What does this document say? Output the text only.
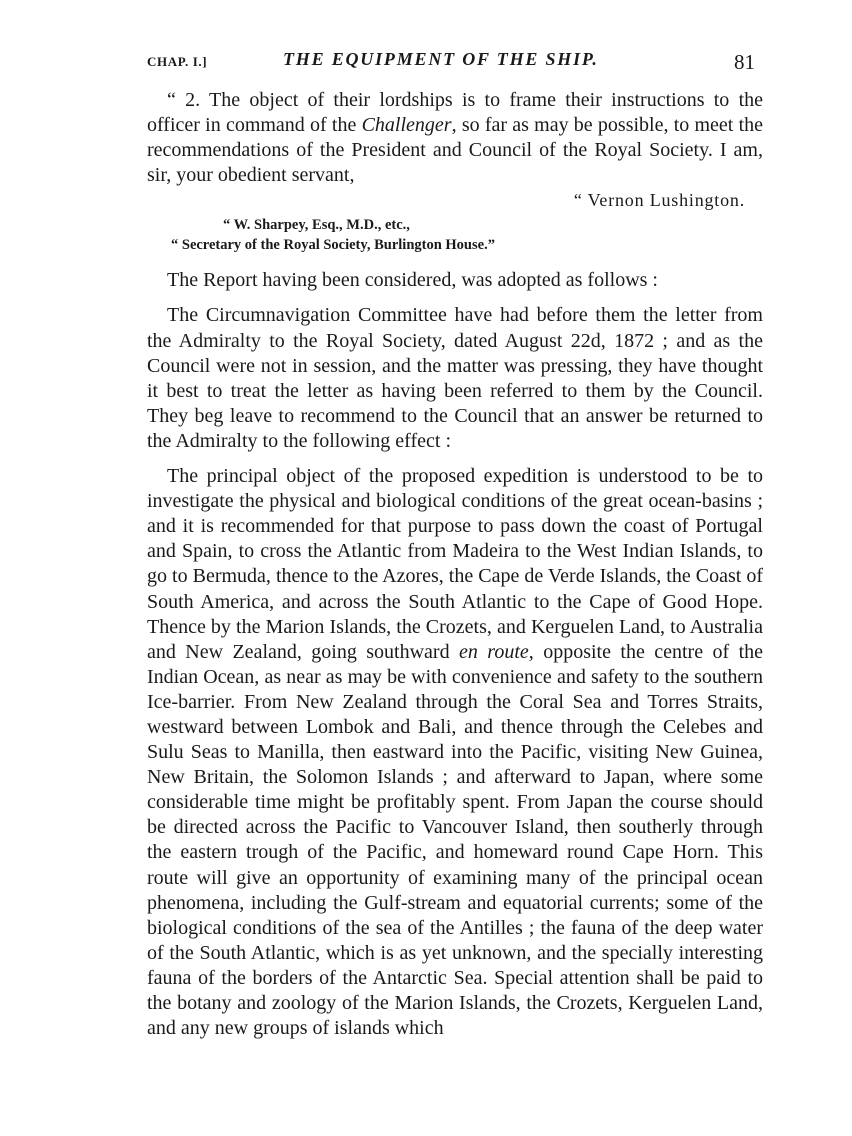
CHAP. I.]	THE EQUIPMENT OF THE SHIP.	81

“ 2. The object of their lordships is to frame their instructions to the officer in command of the Challenger, so far as may be possible, to meet the recommendations of the President and Council of the Royal Society. I am, sir, your obedient servant,

“ Vernon Lushington.
“ W. Sharpey, Esq., M.D., etc.,
“ Secretary of the Royal Society, Burlington House.”

The Report having been considered, was adopted as follows :

The Circumnavigation Committee have had before them the letter from the Admiralty to the Royal Society, dated August 22d, 1872 ; and as the Council were not in session, and the matter was pressing, they have thought it best to treat the letter as having been referred to them by the Council. They beg leave to recommend to the Council that an answer be returned to the Admiralty to the following effect :

The principal object of the proposed expedition is understood to be to investigate the physical and biological conditions of the great ocean-basins ; and it is recommended for that purpose to pass down the coast of Portugal and Spain, to cross the Atlantic from Madeira to the West Indian Islands, to go to Bermuda, thence to the Azores, the Cape de Verde Islands, the Coast of South America, and across the South Atlantic to the Cape of Good Hope. Thence by the Marion Islands, the Crozets, and Kerguelen Land, to Australia and New Zealand, going southward en route, opposite the centre of the Indian Ocean, as near as may be with convenience and safety to the southern Ice-barrier. From New Zealand through the Coral Sea and Torres Straits, westward between Lombok and Bali, and thence through the Celebes and Sulu Seas to Manilla, then eastward into the Pacific, visiting New Guinea, New Britain, the Solomon Islands ; and afterward to Japan, where some considerable time might be profitably spent. From Japan the course should be directed across the Pacific to Vancouver Island, then southerly through the eastern trough of the Pacific, and homeward round Cape Horn. This route will give an opportunity of examining many of the principal ocean phenomena, including the Gulf-stream and equatorial currents; some of the biological conditions of the sea of the Antilles ; the fauna of the deep water of the South Atlantic, which is as yet unknown, and the specially interesting fauna of the borders of the Antarctic Sea. Special attention shall be paid to the botany and zoology of the Marion Islands, the Crozets, Kerguelen Land, and any new groups of islands which
